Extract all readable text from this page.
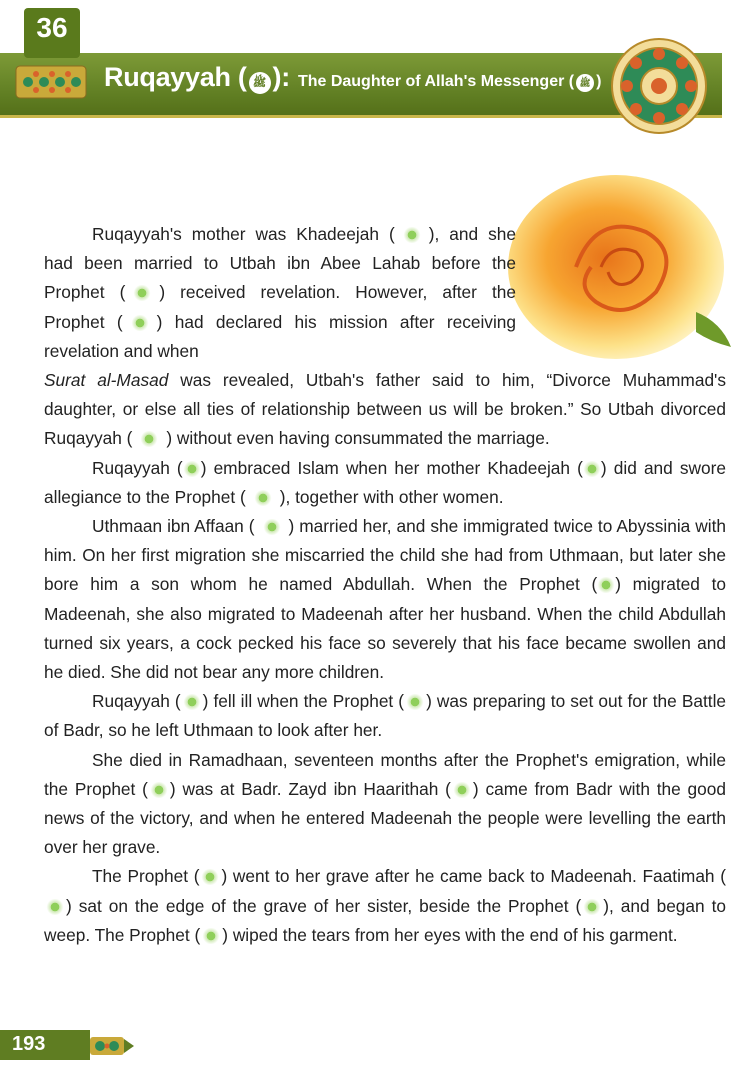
36
Ruqayyah ( ﷺ ): The Daughter of Allah's Messenger ( ﷺ )

Ruqayyah's mother was Khadeejah ( ), and she had been married to Utbah ibn Abee Lahab before the Prophet ( ) received revelation. However, after the Prophet ( ) had declared his mission after receiving revelation and when

Surat al-Masad was revealed, Utbah's father said to him, “Divorce Muhammad's daughter, or else all ties of relationship between us will be broken.” So Utbah divorced Ruqayyah ( ) without even having consummated the marriage.

Ruqayyah ( ) embraced Islam when her mother Khadeejah ( ) did and swore allegiance to the Prophet ( ), together with other women.

Uthmaan ibn Affaan ( ) married her, and she immigrated twice to Abyssinia with him. On her first migration she miscarried the child she had from Uthmaan, but later she bore him a son whom he named Abdullah. When the Prophet ( ) migrated to Madeenah, she also migrated to Madeenah after her husband. When the child Abdullah turned six years, a cock pecked his face so severely that his face became swollen and he died. She did not bear any more children.

Ruqayyah ( ) fell ill when the Prophet ( ) was preparing to set out for the Battle of Badr, so he left Uthmaan to look after her.

She died in Ramadhaan, seventeen months after the Prophet's emigration, while the Prophet ( ) was at Badr. Zayd ibn Haarithah ( ) came from Badr with the good news of the victory, and when he entered Madeenah the people were levelling the earth over her grave.

The Prophet ( ) went to her grave after he came back to Madeenah. Faatimah () sat on the edge of the grave of her sister, beside the Prophet ( ), and began to weep. The Prophet ( ) wiped the tears from her eyes with the end of his garment.

193
